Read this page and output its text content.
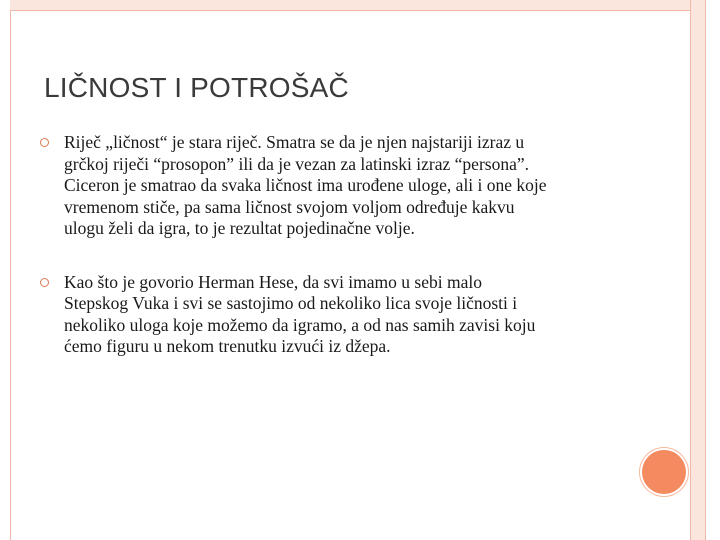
LIČNOST I POTROŠAČ
Riječ „ličnost“ je stara riječ. Smatra se da je njen najstariji izraz u
grčkoj riječi “prosopon” ili da je vezan za latinski izraz “persona”.
Ciceron je smatrao da svaka ličnost ima urođene uloge, ali i one koje
vremenom stiče, pa sama ličnost svojom voljom određuje kakvu
ulogu želi da igra, to je rezultat pojedinačne volje.
Kao što je govorio Herman Hese, da svi imamo u sebi malo
Stepskog Vuka i svi se sastojimo od nekoliko lica svoje ličnosti i
nekoliko uloga koje možemo da igramo, a od nas samih zavisi koju
ćemo figuru u nekom trenutku izvući iz džepa.
